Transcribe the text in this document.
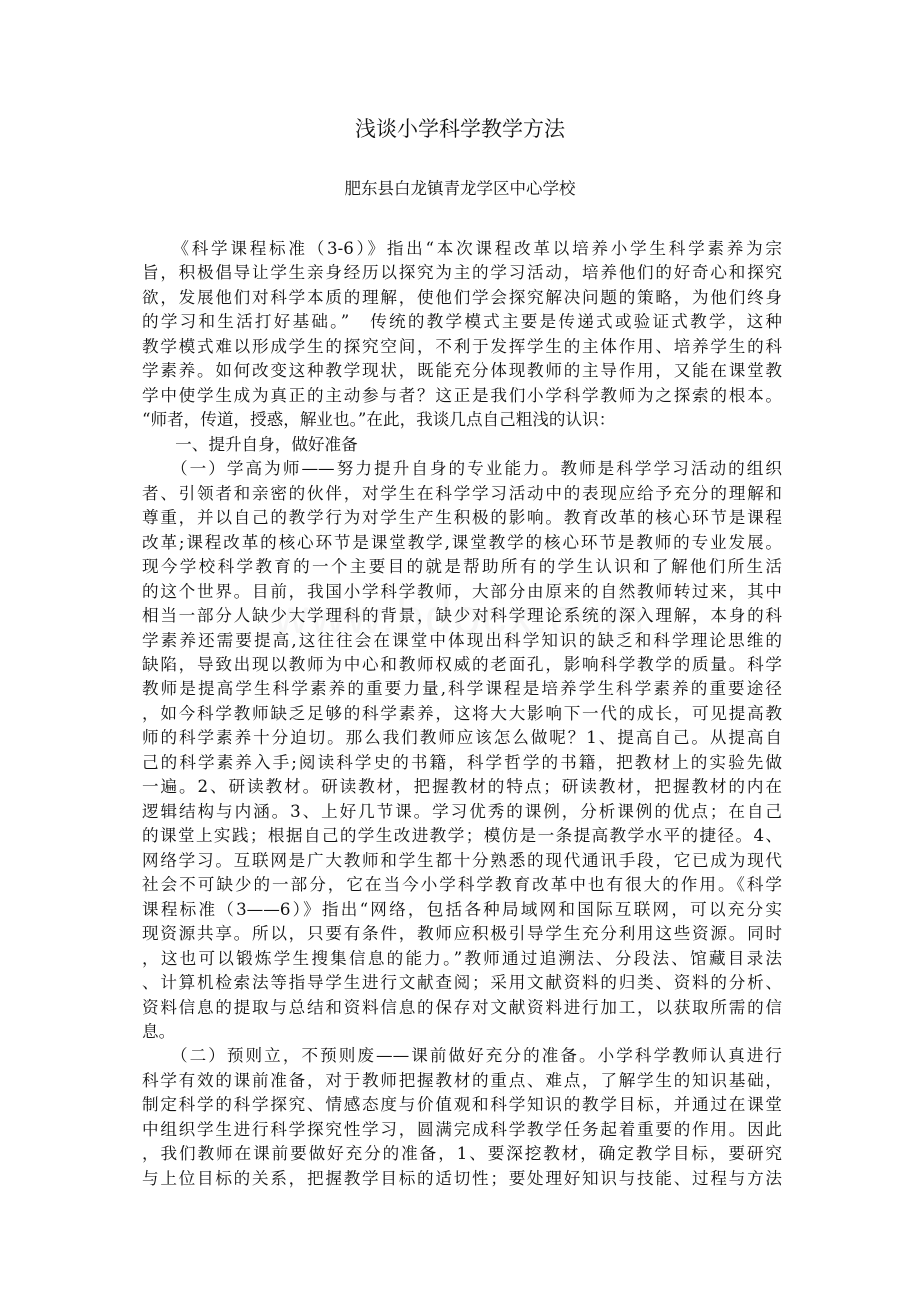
浅谈小学科学教学方法
肥东县白龙镇青龙学区中心学校
　　《科学课程标准（3-6）》指出“本次课程改革以培养小学生科学素养为宗
旨，积极倡导让学生亲身经历以探究为主的学习活动，培养他们的好奇心和探究
欲，发展他们对科学本质的理解，使他们学会探究解决问题的策略，为他们终身
的学习和生活打好基础。”　传统的教学模式主要是传递式或验证式教学，这种
教学模式难以形成学生的探究空间，不利于发挥学生的主体作用、培养学生的科
学素养。如何改变这种教学现状，既能充分体现教师的主导作用，又能在课堂教
学中使学生成为真正的主动参与者？这正是我们小学科学教师为之探索的根本。
“师者，传道，授惑，解业也。”在此，我谈几点自己粗浅的认识：
　　一、提升自身，做好准备
　　（一）学高为师——努力提升自身的专业能力。教师是科学学习活动的组织
者、引领者和亲密的伙伴，对学生在科学学习活动中的表现应给予充分的理解和
尊重，并以自己的教学行为对学生产生积极的影响。教育改革的核心环节是课程
改革;课程改革的核心环节是课堂教学,课堂教学的核心环节是教师的专业发展。
现今学校科学教育的一个主要目的就是帮助所有的学生认识和了解他们所生活
的这个世界。目前，我国小学科学教师，大部分由原来的自然教师转过来，其中
相当一部分人缺少大学理科的背景，缺少对科学理论系统的深入理解，本身的科
学素养还需要提高,这往往会在课堂中体现出科学知识的缺乏和科学理论思维的
缺陷，导致出现以教师为中心和教师权威的老面孔，影响科学教学的质量。科学
教师是提高学生科学素养的重要力量,科学课程是培养学生科学素养的重要途径
，如今科学教师缺乏足够的科学素养，这将大大影响下一代的成长，可见提高教
师的科学素养十分迫切。那么我们教师应该怎么做呢？1、提高自己。从提高自
己的科学素养入手;阅读科学史的书籍，科学哲学的书籍，把教材上的实验先做
一遍。2、研读教材。研读教材，把握教材的特点；研读教材，把握教材的内在
逻辑结构与内涵。3、上好几节课。学习优秀的课例，分析课例的优点；在自己
的课堂上实践；根据自己的学生改进教学；模仿是一条提高教学水平的捷径。4、
网络学习。互联网是广大教师和学生都十分熟悉的现代通讯手段，它已成为现代
社会不可缺少的一部分，它在当今小学科学教育改革中也有很大的作用。《科学
课程标准（3——6）》指出“网络，包括各种局域网和国际互联网，可以充分实
现资源共享。所以，只要有条件，教师应积极引导学生充分利用这些资源。同时
，这也可以锻炼学生搜集信息的能力。”教师通过追溯法、分段法、馆藏目录法
、计算机检索法等指导学生进行文献查阅；采用文献资料的归类、资料的分析、
资料信息的提取与总结和资料信息的保存对文献资料进行加工，以获取所需的信
息。
　　（二）预则立，不预则废——课前做好充分的准备。小学科学教师认真进行
科学有效的课前准备，对于教师把握教材的重点、难点，了解学生的知识基础，
制定科学的科学探究、情感态度与价值观和科学知识的教学目标，并通过在课堂
中组织学生进行科学探究性学习，圆满完成科学教学任务起着重要的作用。因此
，我们教师在课前要做好充分的准备，1、要深挖教材，确定教学目标，要研究
与上位目标的关系，把握教学目标的适切性；要处理好知识与技能、过程与方法
